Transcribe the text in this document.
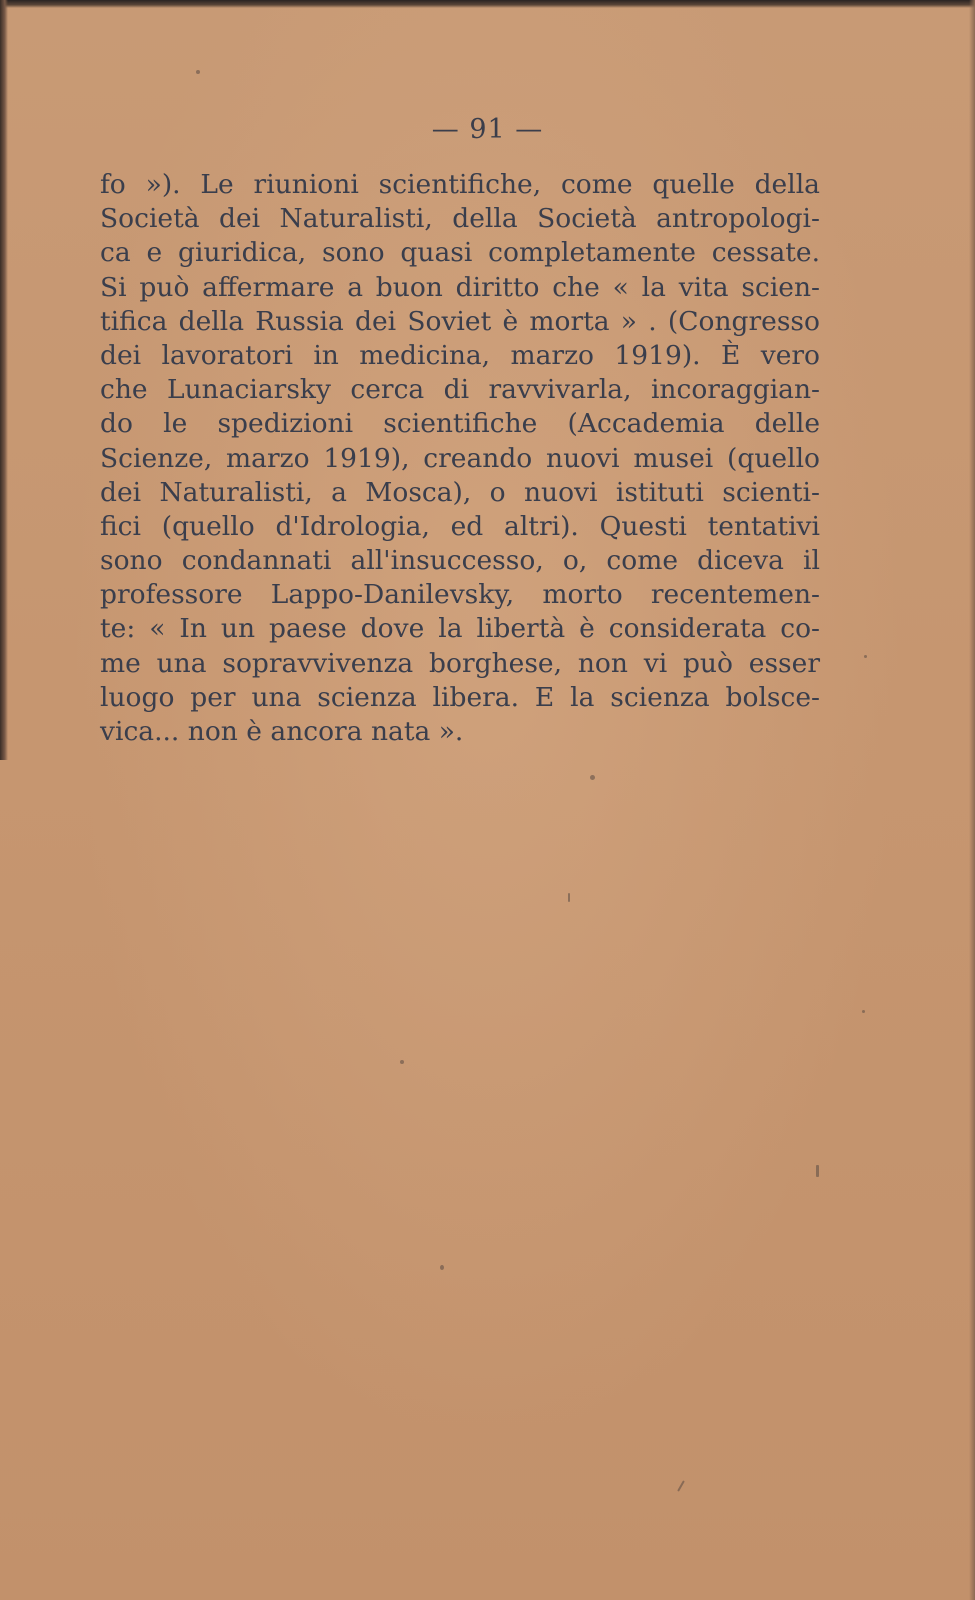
— 91 —
fo »). Le riunioni scientifiche, come quelle della
Società dei Naturalisti, della Società antropologi-
ca e giuridica, sono quasi completamente cessate.
Si può affermare a buon diritto che « la vita scien-
tifica della Russia dei Soviet è morta » . (Congresso
dei lavoratori in medicina, marzo 1919). È vero
che Lunaciarsky cerca di ravvivarla, incoraggian-
do le spedizioni scientifiche (Accademia delle
Scienze, marzo 1919), creando nuovi musei (quello
dei Naturalisti, a Mosca), o nuovi istituti scienti-
fici (quello d'Idrologia, ed altri). Questi tentativi
sono condannati all'insuccesso, o, come diceva il
professore Lappo-Danilevsky, morto recentemen-
te: « In un paese dove la libertà è considerata co-
me una sopravvivenza borghese, non vi può esser
luogo per una scienza libera. E la scienza bolsce-
vica... non è ancora nata ».
